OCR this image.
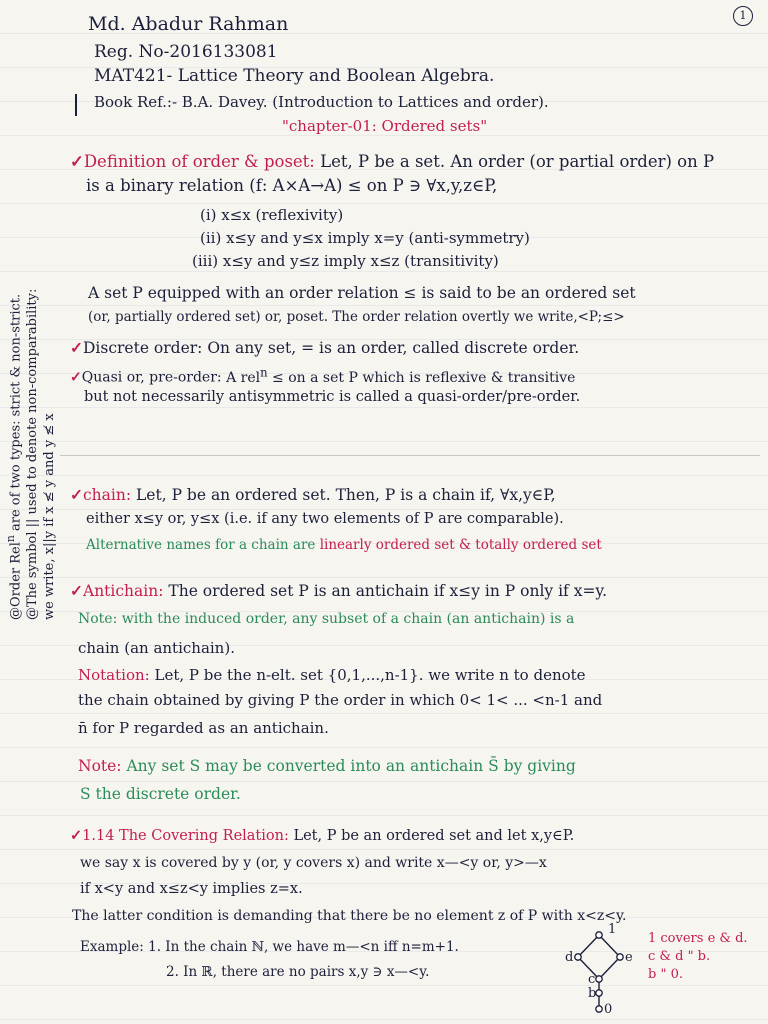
1
@Order Rel$^n$ are of two types: strict & non-strict. @The symbol || used to denote non-comparability: we write, x||y if x ≰ y and y ≰ x
Md. Abadur Rahman
Reg. No-2016133081
MAT421- Lattice Theory and Boolean Algebra.
Book Ref.:- B.A. Davey. (Introduction to Lattices and order).
"chapter-01: Ordered sets"
✓Definition of order & poset: Let, P be a set. An order (or partial order) on P
is a binary relation (f: A×A→A) ≤ on P ∋ ∀x,y,z∈P,
(i) x≤x (reflexivity)
(ii) x≤y and y≤x imply x=y (anti-symmetry)
(iii) x≤y and y≤z imply x≤z (transitivity)
A set P equipped with an order relation ≤ is said to be an ordered set
(or, partially ordered set) or, poset. The order relation overtly we write,<P;≤>
✓Discrete order: On any set, = is an order, called discrete order.
✓Quasi or, pre-order: A rel$^n$ ≤ on a set P which is reflexive & transitive
but not necessarily antisymmetric is called a quasi-order/pre-order.
✓chain: Let, P be an ordered set. Then, P is a chain if, ∀x,y∈P,
either x≤y or, y≤x (i.e. if any two elements of P are comparable).
Alternative names for a chain are linearly ordered set & totally ordered set
✓Antichain: The ordered set P is an antichain if x≤y in P only if x=y.
Note: with the induced order, any subset of a chain (an antichain) is a
chain (an antichain).
Notation: Let, P be the n-elt. set {0,1,...,n-1}. we write n to denote
the chain obtained by giving P the order in which 0< 1< ... <n-1 and
n̄ for P regarded as an antichain.
Note: Any set S may be converted into an antichain S̄ by giving
S the discrete order.
✓1.14 The Covering Relation: Let, P be an ordered set and let x,y∈P.
we say x is covered by y (or, y covers x) and write x—<y or, y>—x
if x<y and x≤z<y implies z=x.
The latter condition is demanding that there be no element z of P with x<z<y.
Example: 1. In the chain ℕ, we have m—<n iff n=m+1.
2. In ℝ, there are no pairs x,y ∋ x—<y.
1
d	e
c
b
0
1 covers e & d.
c & d " b.
b " 0.
